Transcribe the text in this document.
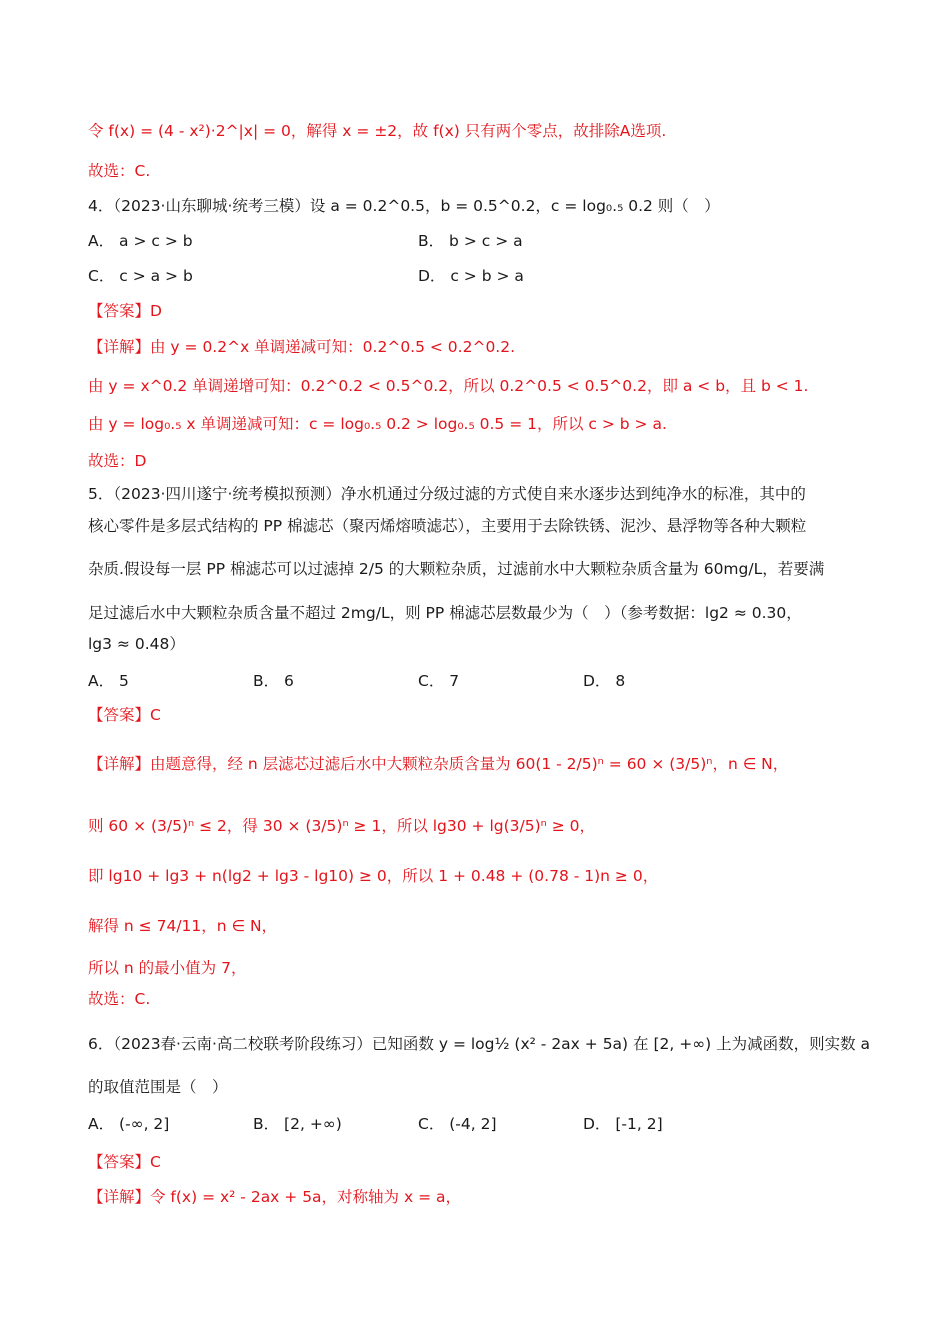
令 f(x) = (4 - x²)·2^|x| = 0，解得 x = ±2，故 f(x) 只有两个零点，故排除A选项.
故选：C.
4．（2023·山东聊城·统考三模）设 a = 0.2^0.5，b = 0.5^0.2，c = log₀.₅ 0.2 则（　）
A． a > c > b	B． b > c > a
C． c > a > b	D． c > b > a
【答案】D
【详解】由 y = 0.2^x 单调递减可知：0.2^0.5 < 0.2^0.2.
由 y = x^0.2 单调递增可知：0.2^0.2 < 0.5^0.2，所以 0.2^0.5 < 0.5^0.2，即 a < b，且 b < 1.
由 y = log₀.₅ x 单调递减可知：c = log₀.₅ 0.2 > log₀.₅ 0.5 = 1，所以 c > b > a.
故选：D
5．（2023·四川遂宁·统考模拟预测）净水机通过分级过滤的方式使自来水逐步达到纯净水的标准，其中的
核心零件是多层式结构的 PP 棉滤芯（聚丙烯熔喷滤芯），主要用于去除铁锈、泥沙、悬浮物等各种大颗粒
杂质.假设每一层 PP 棉滤芯可以过滤掉 2/5 的大颗粒杂质，过滤前水中大颗粒杂质含量为 60mg/L，若要满
足过滤后水中大颗粒杂质含量不超过 2mg/L，则 PP 棉滤芯层数最少为（　）（参考数据：lg2 ≈ 0.30，
lg3 ≈ 0.48）
A． 5	B． 6	C． 7	D． 8
【答案】C
【详解】由题意得，经 n 层滤芯过滤后水中大颗粒杂质含量为 60(1 - 2/5)ⁿ = 60 × (3/5)ⁿ，n ∈ N，
则 60 × (3/5)ⁿ ≤ 2，得 30 × (3/5)ⁿ ≥ 1，所以 lg30 + lg(3/5)ⁿ ≥ 0，
即 lg10 + lg3 + n(lg2 + lg3 - lg10) ≥ 0，所以 1 + 0.48 + (0.78 - 1)n ≥ 0，
解得 n ≤ 74/11，n ∈ N，
所以 n 的最小值为 7，
故选：C.
6．（2023春·云南·高二校联考阶段练习）已知函数 y = log½ (x² - 2ax + 5a) 在 [2, +∞) 上为减函数，则实数 a
的取值范围是（　）
A． (-∞, 2]	B． [2, +∞)	C． (-4, 2]	D． [-1, 2]
【答案】C
【详解】令 f(x) = x² - 2ax + 5a，对称轴为 x = a，
